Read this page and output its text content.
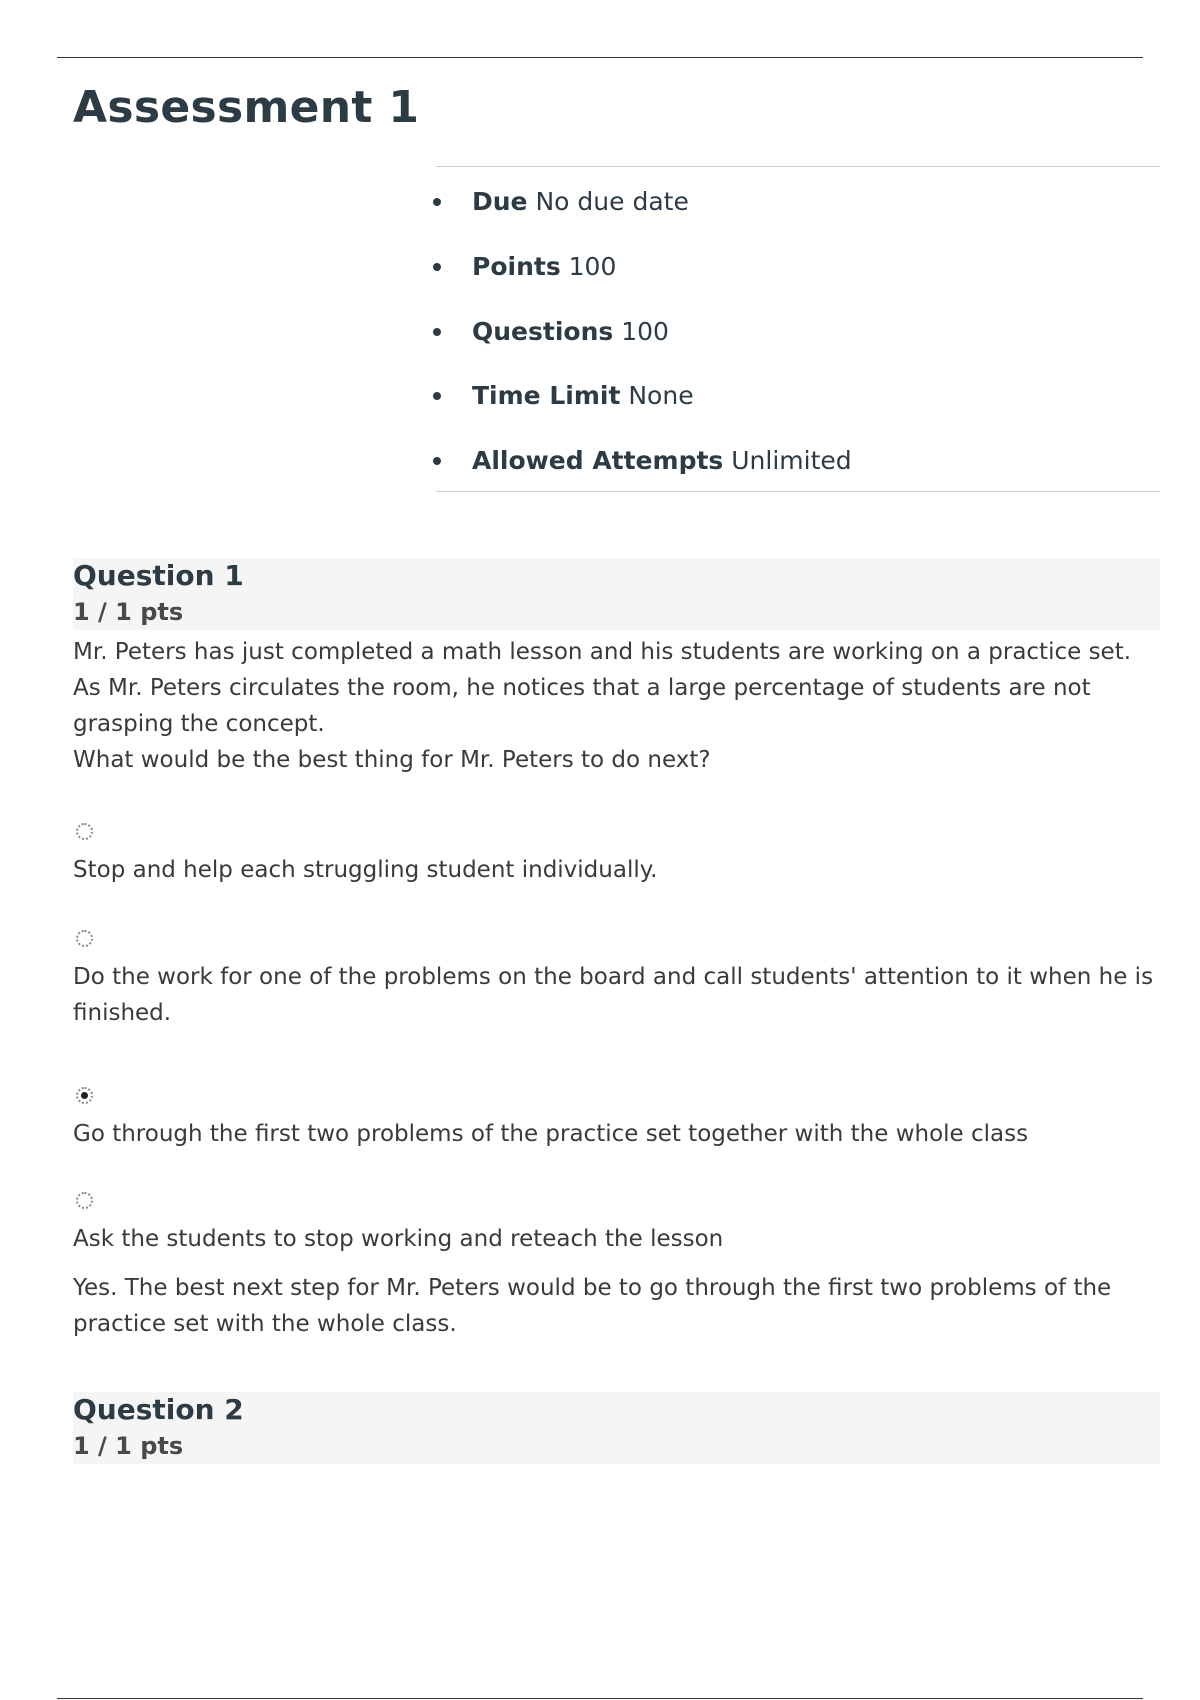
Assessment 1
Due No due date
Points 100
Questions 100
Time Limit None
Allowed Attempts Unlimited
Question 1
1 / 1 pts

Mr. Peters has just completed a math lesson and his students are working on a practice set. As Mr. Peters circulates the room, he notices that a large percentage of students are not grasping the concept.

What would be the best thing for Mr. Peters to do next?

Stop and help each struggling student individually.
Do the work for one of the problems on the board and call students' attention to it when he is finished.
Go through the first two problems of the practice set together with the whole class
Ask the students to stop working and reteach the lesson
Yes. The best next step for Mr. Peters would be to go through the first two problems of the practice set with the whole class.
Question 2
1 / 1 pts
